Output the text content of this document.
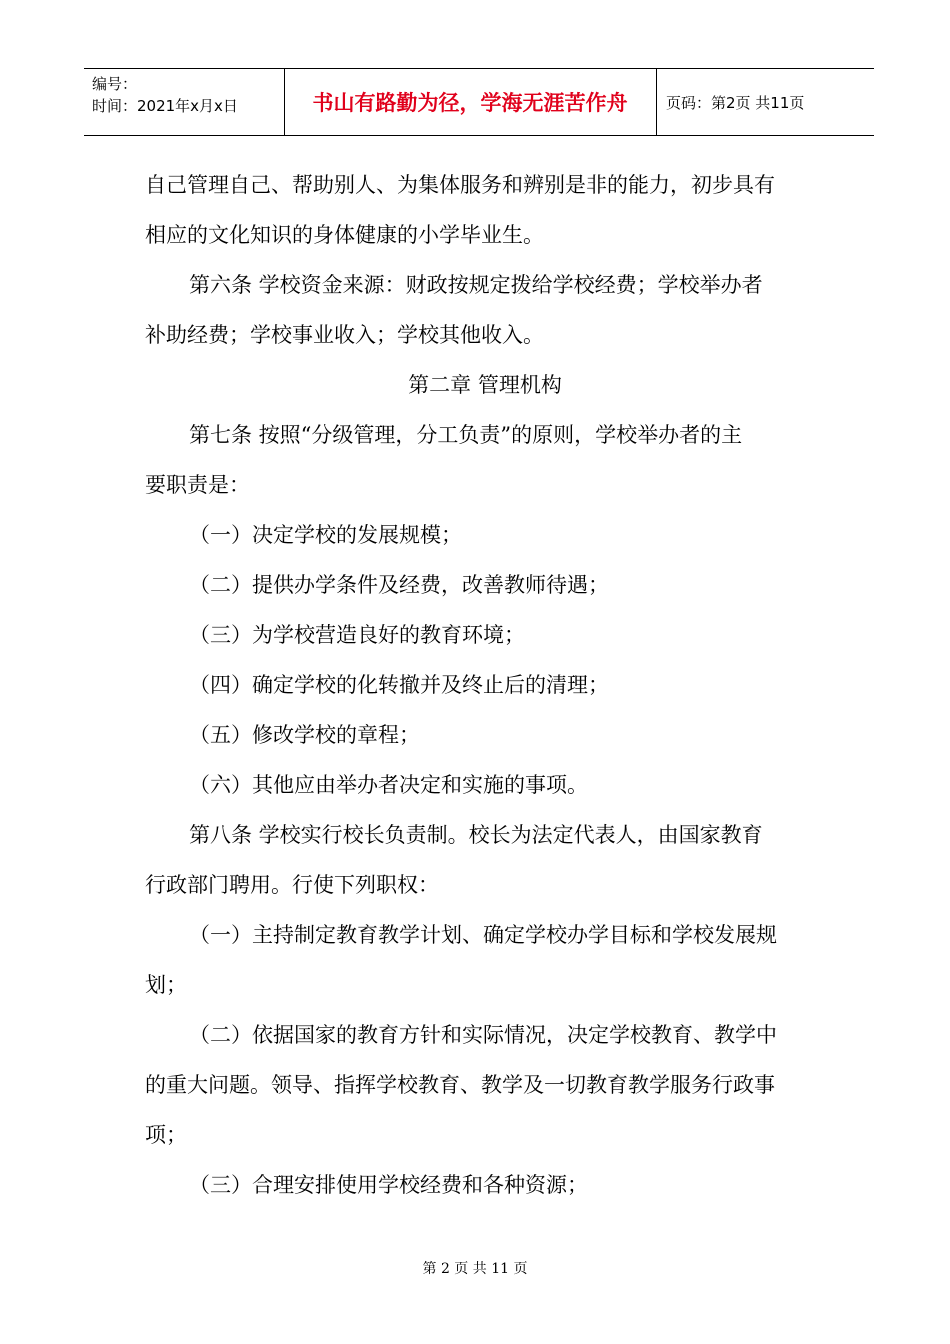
编号：
时间：2021年x月x日	书山有路勤为径，学海无涯苦作舟	页码：第2页 共11页

自己管理自己、帮助别人、为集体服务和辨别是非的能力，初步具有

相应的文化知识的身体健康的小学毕业生。

第六条 学校资金来源：财政按规定拨给学校经费；学校举办者

补助经费；学校事业收入；学校其他收入。

第二章 管理机构

第七条 按照“分级管理，分工负责”的原则，学校举办者的主

要职责是：

（一）决定学校的发展规模；

（二）提供办学条件及经费，改善教师待遇；

（三）为学校营造良好的教育环境；

（四）确定学校的化转撤并及终止后的清理；

（五）修改学校的章程；

（六）其他应由举办者决定和实施的事项。

第八条 学校实行校长负责制。校长为法定代表人，由国家教育

行政部门聘用。行使下列职权：

（一）主持制定教育教学计划、确定学校办学目标和学校发展规

划；

（二）依据国家的教育方针和实际情况，决定学校教育、教学中

的重大问题。领导、指挥学校教育、教学及一切教育教学服务行政事

项；

（三）合理安排使用学校经费和各种资源；

第 2 页 共 11 页
